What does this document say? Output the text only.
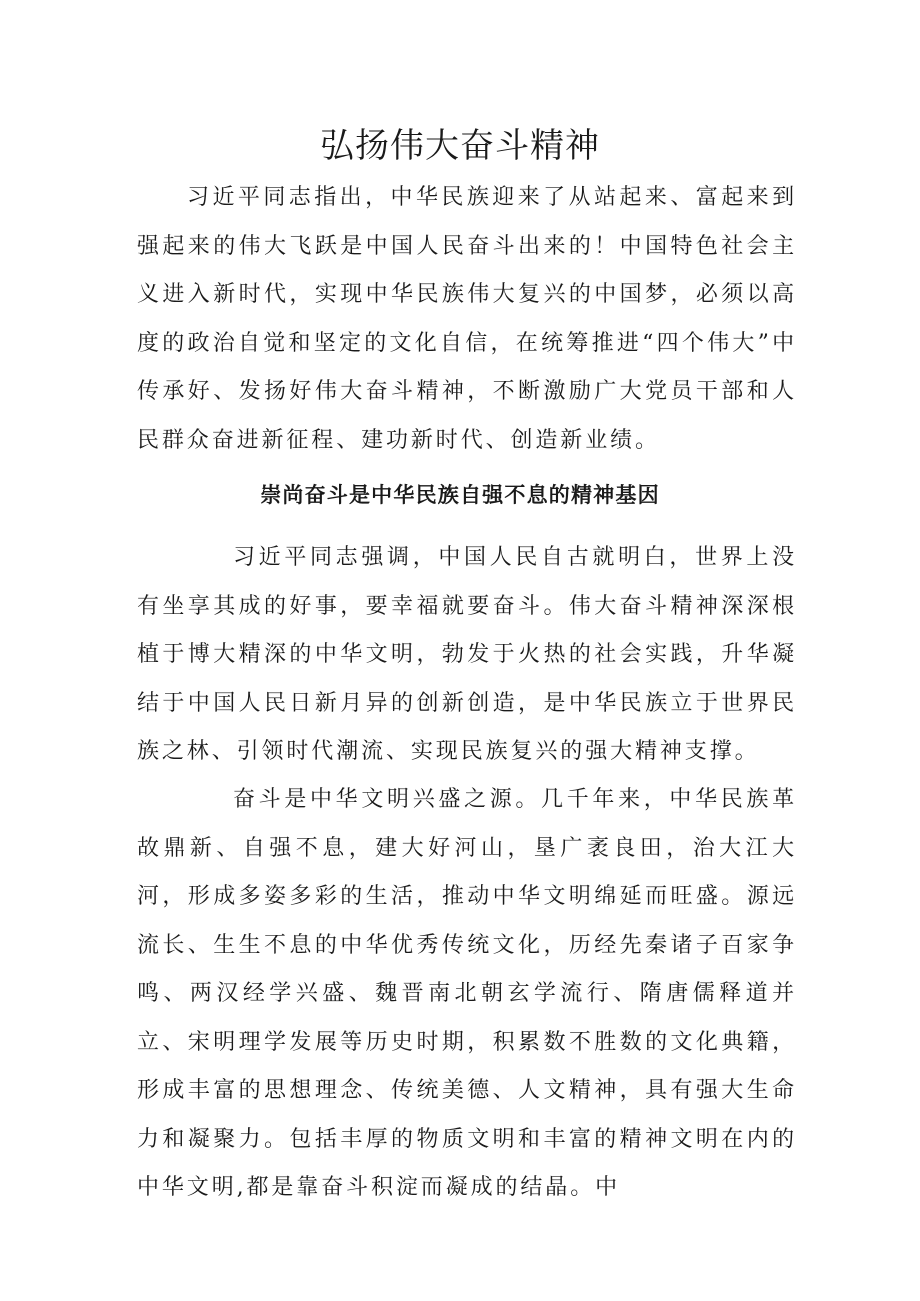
弘扬伟大奋斗精神

习近平同志指出，中华民族迎来了从站起来、富起来到强起来的伟大飞跃是中国人民奋斗出来的！中国特色社会主义进入新时代，实现中华民族伟大复兴的中国梦，必须以高度的政治自觉和坚定的文化自信，在统筹推进“四个伟大”中传承好、发扬好伟大奋斗精神，不断激励广大党员干部和人民群众奋进新征程、建功新时代、创造新业绩。

崇尚奋斗是中华民族自强不息的精神基因

习近平同志强调，中国人民自古就明白，世界上没有坐享其成的好事，要幸福就要奋斗。伟大奋斗精神深深根植于博大精深的中华文明，勃发于火热的社会实践，升华凝结于中国人民日新月异的创新创造，是中华民族立于世界民族之林、引领时代潮流、实现民族复兴的强大精神支撑。

奋斗是中华文明兴盛之源。几千年来，中华民族革故鼎新、自强不息，建大好河山，垦广袤良田，治大江大河，形成多姿多彩的生活，推动中华文明绵延而旺盛。源远流长、生生不息的中华优秀传统文化，历经先秦诸子百家争鸣、两汉经学兴盛、魏晋南北朝玄学流行、隋唐儒释道并立、宋明理学发展等历史时期，积累数不胜数的文化典籍，形成丰富的思想理念、传统美德、人文精神，具有强大生命力和凝聚力。包括丰厚的物质文明和丰富的精神文明在内的中华文明,都是靠奋斗积淀而凝成的结晶。中
